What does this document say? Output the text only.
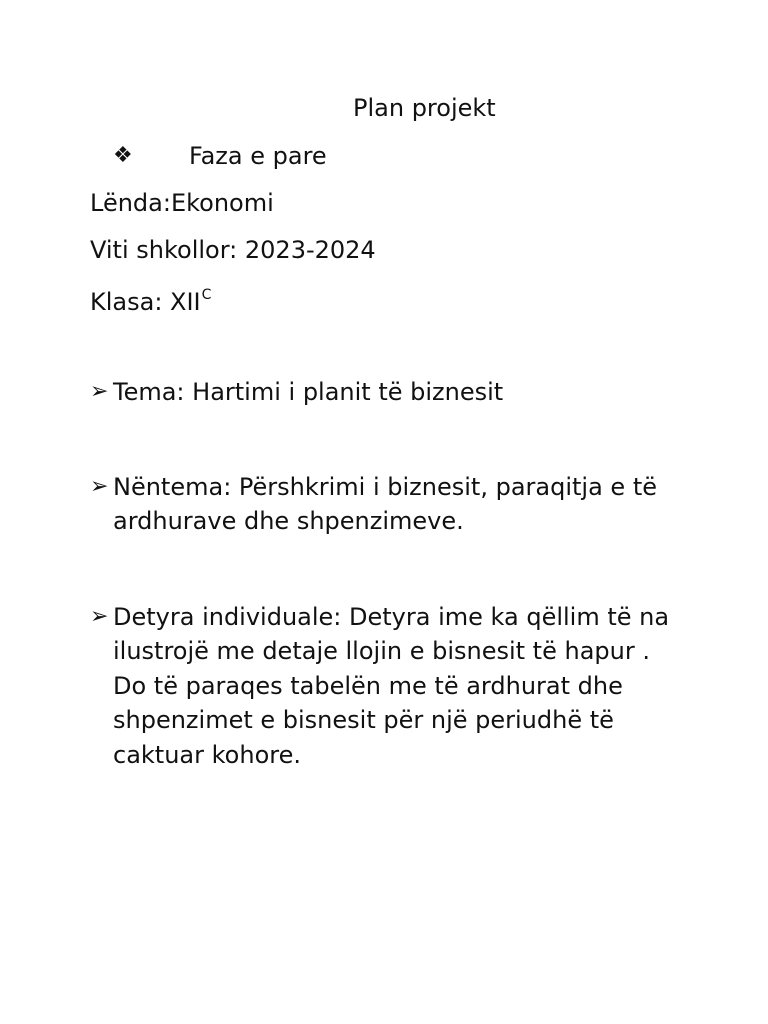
Plan projekt
❖ Faza e pare
Lënda:Ekonomi
Viti shkollor: 2023-2024
Klasa: $XII^C$
➢ Tema: Hartimi i planit të biznesit
➢ Nëntema: Përshkrimi i biznesit, paraqitja e të ardhurave dhe shpenzimeve.
➢ Detyra individuale: Detyra ime ka qëllim të na ilustrojë me detaje llojin e bisnesit të hapur . Do të paraqes tabelën me të ardhurat dhe shpenzimet e bisnesit për një periudhë të caktuar kohore.
